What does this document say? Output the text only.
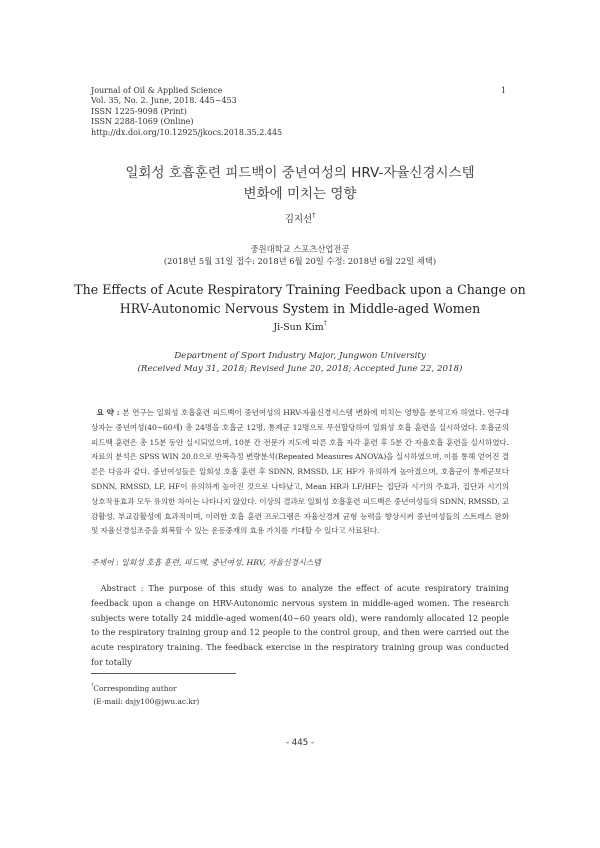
Journal of Oil & Applied Science
Vol. 35, No. 2. June, 2018. 445~453
ISSN 1225-9098 (Print)
ISSN 2288-1069 (Online)
http://dx.doi.org/10.12925/jkocs.2018.35.2.445
1
일회성 호흡훈련 피드백이 중년여성의 HRV-자율신경시스템
변화에 미치는 영향
김지선†
중원대학교 스포츠산업전공
(2018년 5월 31일 접수: 2018년 6월 20일 수정: 2018년 6월 22일 채택)
The Effects of Acute Respiratory Training Feedback upon a Change on
HRV-Autonomic Nervous System in Middle-aged Women
Ji-Sun Kim†
Department of Sport Industry Major, Jungwon University
(Received May 31, 2018; Revised June 20, 2018; Accepted June 22, 2018)
요 약 : 본 연구는 일회성 호흡훈련 피드백이 중년여성의 HRV-자율신경시스템 변화에 미치는 영향을 분석고자 하였다. 연구대상자는 중년여성(40~60세) 총 24명을 호흡군 12명, 통제군 12명으로 무선할당하여 일회성 호흡 훈련을 실시하였다. 호흡군의 피드백 훈련은 총 15분 동안 실시되었으며, 10분 간 전문가 지도에 따른 호흡 자각 훈련 후 5분 간 자율호흡 훈련을 실시하였다. 자료의 분석은 SPSS WIN 20.0으로 반복측정 변량분석(Repeated Measures ANOVA)을 실시하였으며, 이를 통해 얻어진 결론은 다음과 같다. 중년여성들은 일회성 호흡 훈련 후 SDNN, RMSSD, LF, HF가 유의하게 높아졌으며, 호흡군이 통제군보다 SDNN, RMSSD, LF, HF이 유의하게 높아진 것으로 나타났고, Mean HR과 LF/HF는 집단과 시기의 주효과, 집단과 시기의 상호작용효과 모두 유의한 차이는 나타나지 않았다. 이상의 결과로 일회성 호흡훈련 피드백은 중년여성들의 SDNN, RMSSD, 교감활성, 부교감활성에 효과적이며, 이러한 호흡 훈련 프로그램은 자율신경계 균형 능력을 향상시켜 중년여성들의 스트레스 완화 및 자율신경실조증을 회복할 수 있는 운동중재의 효용 가치를 기대할 수 있다고 사료된다.
주제어 : 일회성 호흡 훈련, 피드백, 중년여성, HRV, 자율신경시스템
Abstract : The purpose of this study was to analyze the effect of acute respiratory training feedback upon a change on HRV-Autonomic nervous system in middle-aged women. The research subjects were totally 24 middle-aged women(40~60 years old), were randomly allocated 12 people to the respiratory training group and 12 people to the control group, and then were carried out the acute respiratory training. The feedback exercise in the respiratory training group was conducted for totally
†Corresponding author
(E-mail: dsjy100@jwu.ac.kr)
- 445 -
